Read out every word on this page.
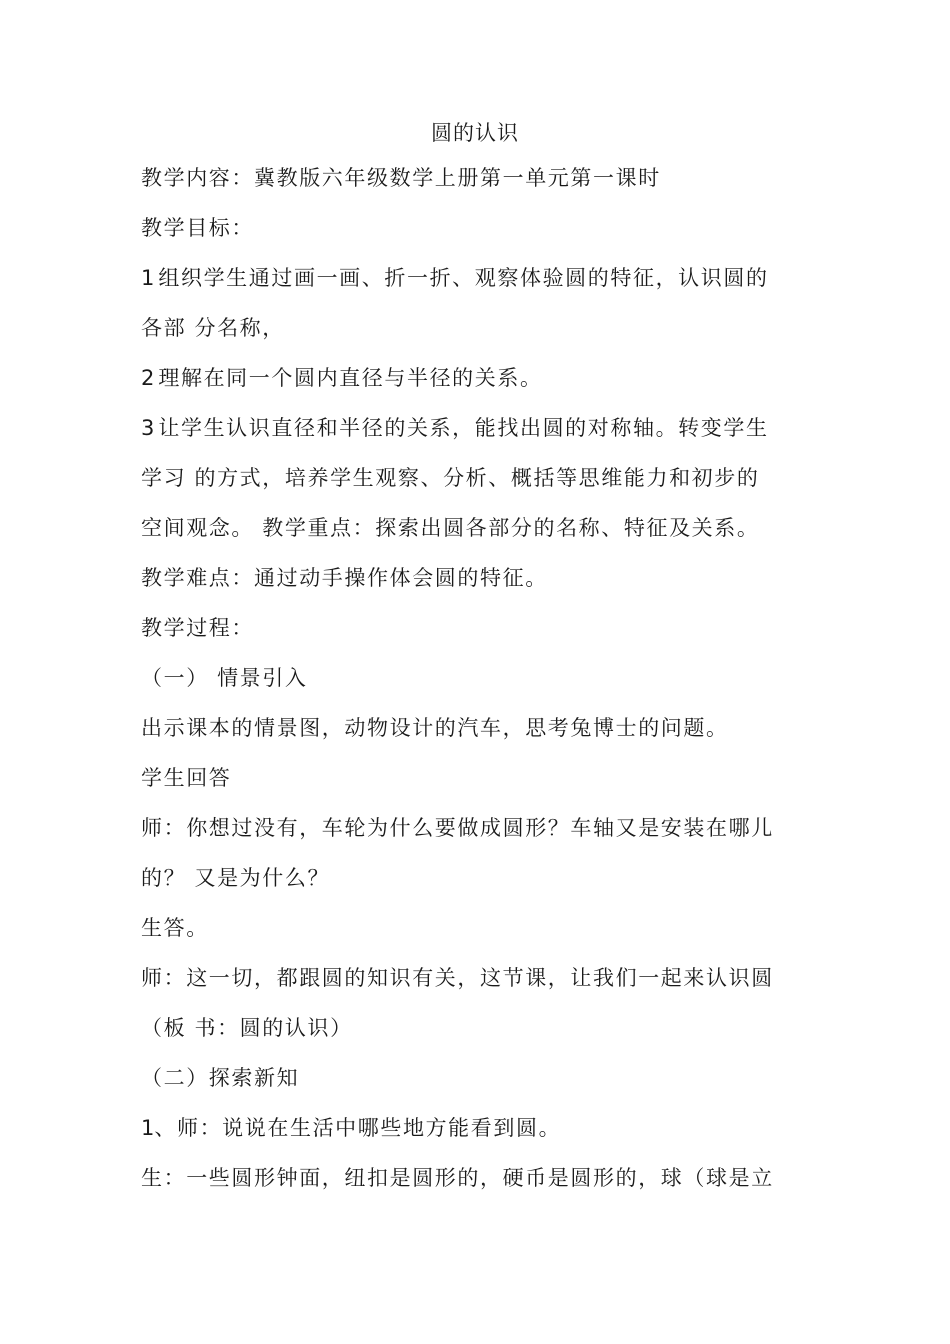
圆的认识
教学内容：冀教版六年级数学上册第一单元第一课时
教学目标：
1 组织学生通过画一画、折一折、观察体验圆的特征，认识圆的
各部 分名称，
2 理解在同一个圆内直径与半径的关系。
3 让学生认识直径和半径的关系，能找出圆的对称轴。转变学生
学习 的方式，培养学生观察、分析、概括等思维能力和初步的
空间观念。 教学重点：探索出圆各部分的名称、特征及关系。
教学难点：通过动手操作体会圆的特征。
教学过程：
（一） 情景引入
出示课本的情景图，动物设计的汽车，思考兔博士的问题。
学生回答
师：你想过没有，车轮为什么要做成圆形？车轴又是安装在哪儿
的？ 又是为什么？
生答。
师：这一切，都跟圆的知识有关，这节课，让我们一起来认识圆
（板 书：圆的认识）
（二）探索新知
1、师：说说在生活中哪些地方能看到圆。
生：一些圆形钟面，纽扣是圆形的，硬币是圆形的，球（球是立
